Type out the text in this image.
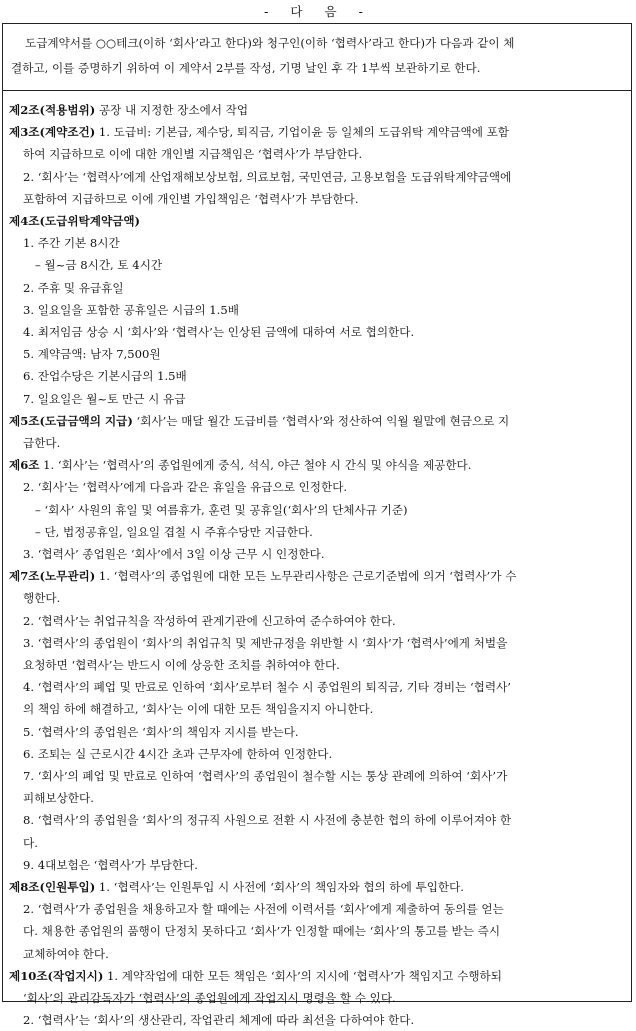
- 다 음 -
도급계약서를 ○○테크(이하 ‘회사’라고 한다)와 청구인(이하 ‘협력사’라고 한다)가 다음과 같이 체
결하고, 이를 증명하기 위하여 이 계약서 2부를 작성, 기명 날인 후 각 1부씩 보관하기로 한다.
제2조(적용범위) 공장 내 지정한 장소에서 작업
제3조(계약조건) 1. 도급비: 기본급, 제수당, 퇴직금, 기업이윤 등 일체의 도급위탁 계약금액에 포함
하여 지급하므로 이에 대한 개인별 지급책임은 ‘협력사’가 부담한다.
2. ‘회사’는 ‘협력사’에게 산업재해보상보험, 의료보험, 국민연금, 고용보험을 도급위탁계약금액에
포함하여 지급하므로 이에 개인별 가입책임은 ‘협력사’가 부담한다.
제4조(도급위탁계약금액)
1. 주간 기본 8시간
– 월~금 8시간, 토 4시간
2. 주휴 및 유급휴일
3. 일요일을 포함한 공휴일은 시급의 1.5배
4. 최저임금 상승 시 ‘회사’와 ‘협력사’는 인상된 금액에 대하여 서로 협의한다.
5. 계약금액: 남자 7,500원
6. 잔업수당은 기본시급의 1.5배
7. 일요일은 월~토 만근 시 유급
제5조(도급금액의 지급) ‘회사’는 매달 월간 도급비를 ‘협력사’와 정산하여 익월 월말에 현금으로 지
급한다.
제6조 1. ‘회사’는 ‘협력사’의 종업원에게 중식, 석식, 야근 철야 시 간식 및 야식을 제공한다.
2. ‘회사’는 ‘협력사’에게 다음과 같은 휴일을 유급으로 인정한다.
– ‘회사’ 사원의 휴일 및 여름휴가, 훈련 및 공휴일(‘회사’의 단체사규 기준)
– 단, 법정공휴일, 일요일 겹칠 시 주휴수당만 지급한다.
3. ‘협력사’ 종업원은 ‘회사’에서 3일 이상 근무 시 인정한다.
제7조(노무관리) 1. ‘협력사’의 종업원에 대한 모든 노무관리사항은 근로기준법에 의거 ‘협력사’가 수
행한다.
2. ‘협력사’는 취업규칙을 작성하여 관계기관에 신고하여 준수하여야 한다.
3. ‘협력사’의 종업원이 ‘회사’의 취업규칙 및 제반규정을 위반할 시 ‘회사’가 ‘협력사’에게 처벌을
요청하면 ‘협력사’는 반드시 이에 상응한 조치를 취하여야 한다.
4. ‘협력사’의 폐업 및 만료로 인하여 ‘회사’로부터 철수 시 종업원의 퇴직금, 기타 경비는 ‘협력사’
의 책임 하에 해결하고, ‘회사’는 이에 대한 모든 책임을지지 아니한다.
5. ‘협력사’의 종업원은 ‘회사’의 책임자 지시를 받는다.
6. 조퇴는 실 근로시간 4시간 초과 근무자에 한하여 인정한다.
7. ‘회사’의 폐업 및 만료로 인하여 ‘협력사’의 종업원이 철수할 시는 통상 관례에 의하여 ‘회사’가
피해보상한다.
8. ‘협력사’의 종업원을 ‘회사’의 정규직 사원으로 전환 시 사전에 충분한 협의 하에 이루어져야 한
다.
9. 4대보험은 ‘협력사’가 부담한다.
제8조(인원투입) 1. ‘협력사’는 인원투입 시 사전에 ‘회사’의 책임자와 협의 하에 투입한다.
2. ‘협력사’가 종업원을 채용하고자 할 때에는 사전에 이력서를 ‘회사’에게 제출하여 동의를 얻는
다. 채용한 종업원의 품행이 단정치 못하다고 ‘회사’가 인정할 때에는 ‘회사’의 통고를 받는 즉시
교체하여야 한다.
제10조(작업지시) 1. 계약작업에 대한 모든 책임은 ‘회사’의 지시에 ‘협력사’가 책임지고 수행하되
‘회사’의 관리감독자가 ‘협력사’의 종업원에게 작업지시 명령을 할 수 있다.
2. ‘협력사’는 ‘회사’의 생산관리, 작업관리 체계에 따라 최선을 다하여야 한다.
